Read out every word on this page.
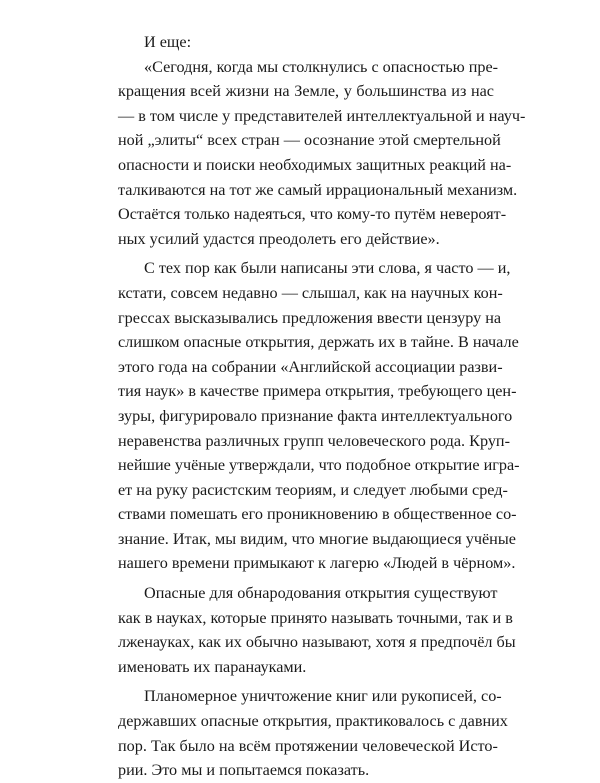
И еще:
«Сегодня, когда мы столкнулись с опасностью пре-
кращения всей жизни на Земле, у большинства из нас
— в том числе у представителей интеллектуальной и науч-
ной „элиты“ всех стран — осознание этой смертельной
опасности и поиски необходимых защитных реакций на-
талкиваются на тот же самый иррациональный механизм.
Остаётся только надеяться, что кому-то путём невероят-
ных усилий удастся преодолеть его действие».
С тех пор как были написаны эти слова, я часто — и,
кстати, совсем недавно — слышал, как на научных кон-
грессах высказывались предложения ввести цензуру на
слишком опасные открытия, держать их в тайне. В начале
этого года на собрании «Английской ассоциации разви-
тия наук» в качестве примера открытия, требующего цен-
зуры, фигурировало признание факта интеллектуального
неравенства различных групп человеческого рода. Круп-
нейшие учёные утверждали, что подобное открытие игра-
ет на руку расистским теориям, и следует любыми сред-
ствами помешать его проникновению в общественное со-
знание. Итак, мы видим, что многие выдающиеся учёные
нашего времени примыкают к лагерю «Людей в чёрном».
Опасные для обнародования открытия существуют
как в науках, которые принято называть точными, так и в
лженауках, как их обычно называют, хотя я предпочёл бы
именовать их паранауками.
Планомерное уничтожение книг или рукописей, со-
державших опасные открытия, практиковалось с давних
пор. Так было на всём протяжении человеческой Исто-
рии. Это мы и попытаемся показать.
